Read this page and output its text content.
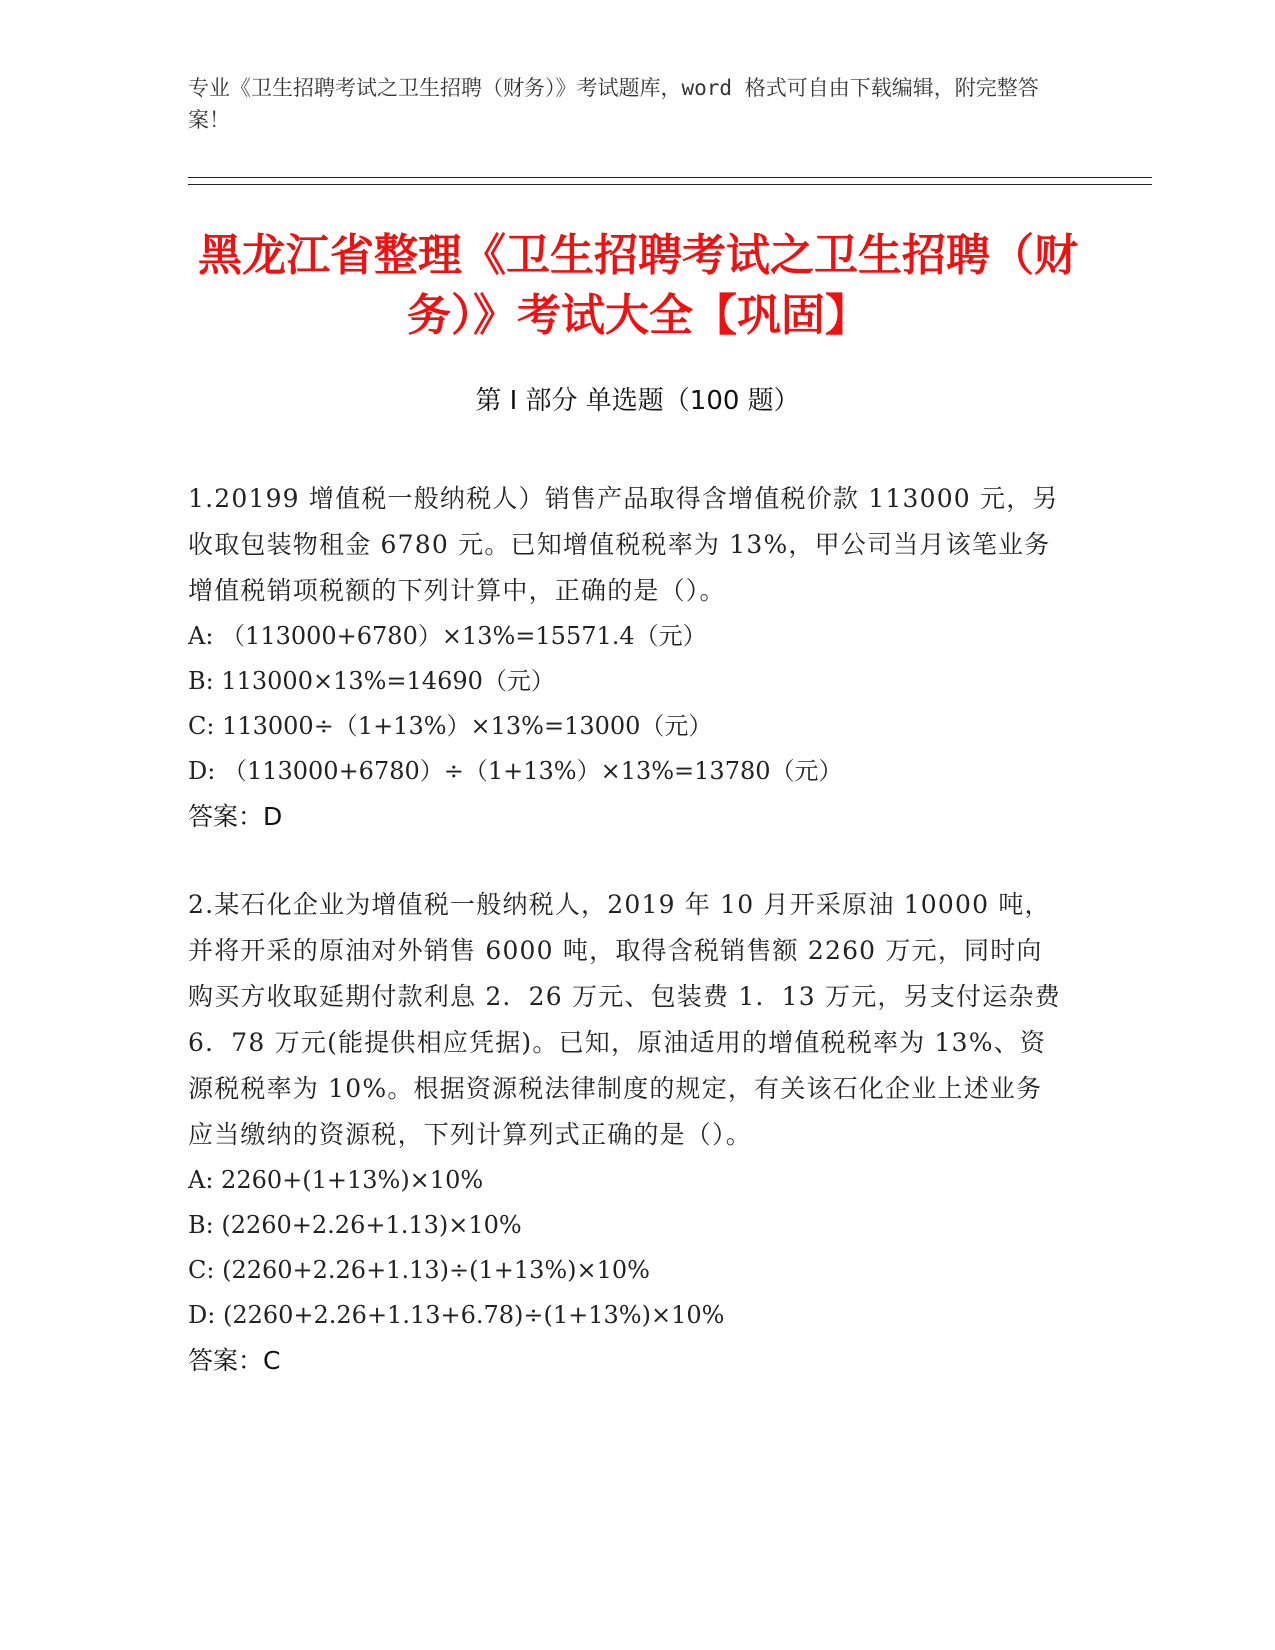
专业《卫生招聘考试之卫生招聘（财务）》考试题库，word 格式可自由下载编辑，附完整答案！
黑龙江省整理《卫生招聘考试之卫生招聘（财务）》考试大全【巩固】
第 I 部分 单选题（100 题）

1.20199 增值税一般纳税人）销售产品取得含增值税价款 113000 元，另收取包装物租金 6780 元。已知增值税税率为 13%，甲公司当月该笔业务增值税销项税额的下列计算中，正确的是（）。

A: （113000+6780）×13%=15571.4（元）

B: 113000×13%=14690（元）

C: 113000÷（1+13%）×13%=13000（元）

D: （113000+6780）÷（1+13%）×13%=13780（元）

答案：D

2.某石化企业为增值税一般纳税人，2019 年 10 月开采原油 10000 吨，并将开采的原油对外销售 6000 吨，取得含税销售额 2260 万元，同时向购买方收取延期付款利息 2．26 万元、包装费 1．13 万元，另支付运杂费 6．78 万元(能提供相应凭据)。已知，原油适用的增值税税率为 13%、资源税税率为 10%。根据资源税法律制度的规定，有关该石化企业上述业务应当缴纳的资源税，下列计算列式正确的是（）。

A: 2260+(1+13%)×10%

B: (2260+2.26+1.13)×10%

C: (2260+2.26+1.13)÷(1+13%)×10%

D: (2260+2.26+1.13+6.78)÷(1+13%)×10%

答案：C
